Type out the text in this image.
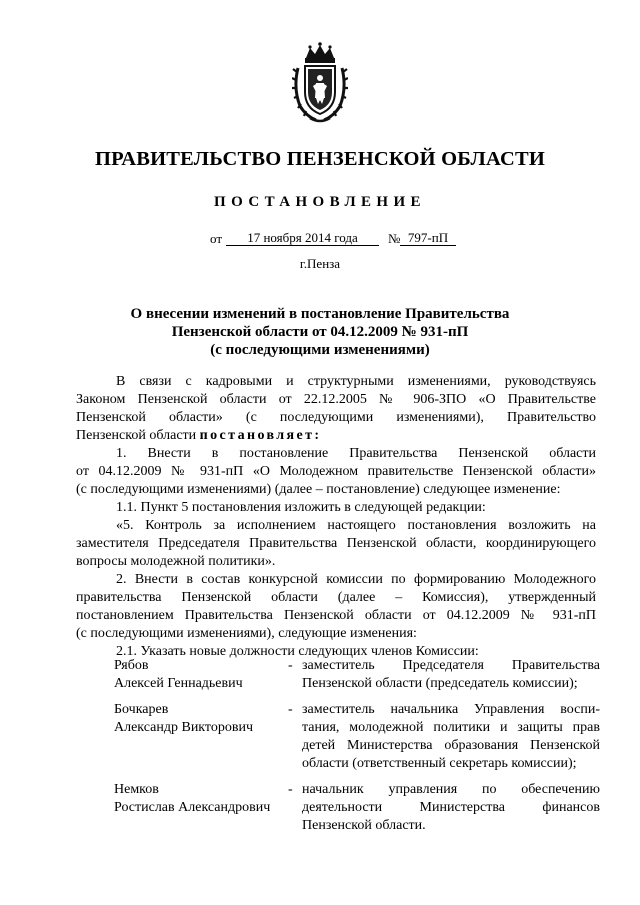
ПРАВИТЕЛЬСТВО ПЕНЗЕНСКОЙ ОБЛАСТИ
ПОСТАНОВЛЕНИЕ
от	17 ноября 2014 года	№ 797-пП
г.Пенза
О внесении изменений в постановление Правительства
Пензенской области от 04.12.2009 № 931-пП
(с последующими изменениями)
В связи с кадровыми и структурными изменениями, руководствуясь
Законом Пензенской области от 22.12.2005 № 906-ЗПО «О Правительстве
Пензенской области» (с последующими изменениями), Правительство
Пензенской области постановляет:
1. Внести в постановление Правительства Пензенской области
от 04.12.2009 № 931-пП «О Молодежном правительстве Пензенской области»
(с последующими изменениями) (далее – постановление) следующее изменение:
1.1. Пункт 5 постановления изложить в следующей редакции:
«5. Контроль за исполнением настоящего постановления возложить на
заместителя Председателя Правительства Пензенской области, координирующего
вопросы молодежной политики».
2. Внести в состав конкурсной комиссии по формированию Молодежного
правительства Пензенской области (далее – Комиссия), утвержденный
постановлением Правительства Пензенской области от 04.12.2009 № 931-пП
(с последующими изменениями), следующие изменения:
2.1. Указать новые должности следующих членов Комиссии:
Рябов
Алексей Геннадьевич
- заместитель Председателя Правительства
Пензенской области (председатель комиссии);
Бочкарев
Александр Викторович
- заместитель начальника Управления воспи-
тания, молодежной политики и защиты прав
детей Министерства образования Пензенской
области (ответственный секретарь комиссии);
Немков
Ростислав Александрович
- начальник управления по обеспечению
деятельности Министерства финансов
Пензенской области.
